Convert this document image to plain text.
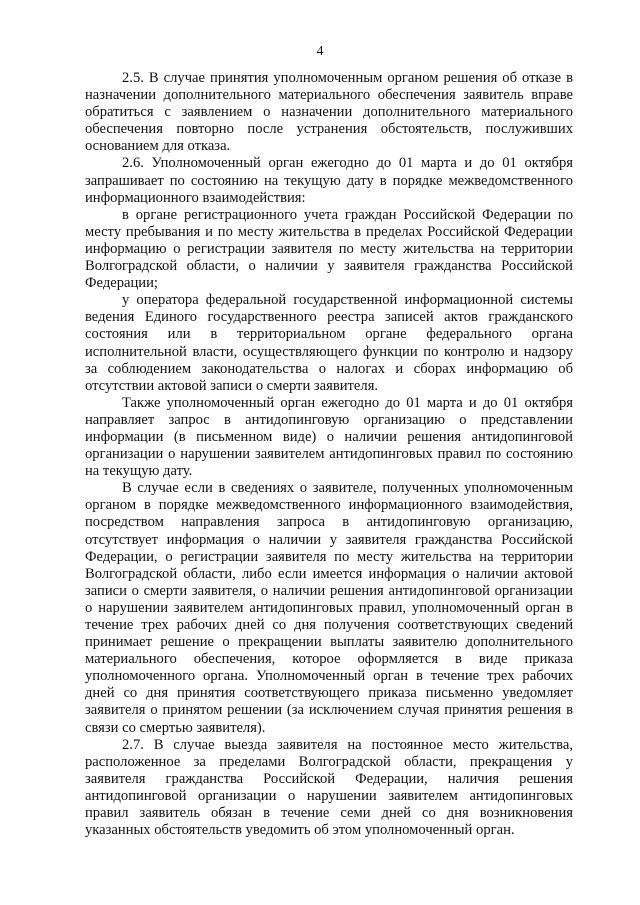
4

2.5. В случае принятия уполномоченным органом решения об отказе в назначении дополнительного материального обеспечения заявитель вправе обратиться с заявлением о назначении дополнительного материального обеспечения повторно после устранения обстоятельств, послуживших основанием для отказа.

2.6. Уполномоченный орган ежегодно до 01 марта и до 01 октября запрашивает по состоянию на текущую дату в порядке межведомственного информационного взаимодействия:

в органе регистрационного учета граждан Российской Федерации по месту пребывания и по месту жительства в пределах Российской Федерации информацию о регистрации заявителя по месту жительства на территории Волгоградской области, о наличии у заявителя гражданства Российской Федерации;

у оператора федеральной государственной информационной системы ведения Единого государственного реестра записей актов гражданского состояния или в территориальном органе федерального органа исполнительной власти, осуществляющего функции по контролю и надзору за соблюдением законодательства о налогах и сборах информацию об отсутствии актовой записи о смерти заявителя.

Также уполномоченный орган ежегодно до 01 марта и до 01 октября направляет запрос в антидопинговую организацию о представлении информации (в письменном виде) о наличии решения антидопинговой организации о нарушении заявителем антидопинговых правил по состоянию на текущую дату.

В случае если в сведениях о заявителе, полученных уполномоченным органом в порядке межведомственного информационного взаимодействия, посредством направления запроса в антидопинговую организацию, отсутствует информация о наличии у заявителя гражданства Российской Федерации, о регистрации заявителя по месту жительства на территории Волгоградской области, либо если имеется информация о наличии актовой записи о смерти заявителя, о наличии решения антидопинговой организации о нарушении заявителем антидопинговых правил, уполномоченный орган в течение трех рабочих дней со дня получения соответствующих сведений принимает решение о прекращении выплаты заявителю дополнительного материального обеспечения, которое оформляется в виде приказа уполномоченного органа. Уполномоченный орган в течение трех рабочих дней со дня принятия соответствующего приказа письменно уведомляет заявителя о принятом решении (за исключением случая принятия решения в связи со смертью заявителя).

2.7. В случае выезда заявителя на постоянное место жительства, расположенное за пределами Волгоградской области, прекращения у заявителя гражданства Российской Федерации, наличия решения антидопинговой организации о нарушении заявителем антидопинговых правил заявитель обязан в течение семи дней со дня возникновения указанных обстоятельств уведомить об этом уполномоченный орган.
